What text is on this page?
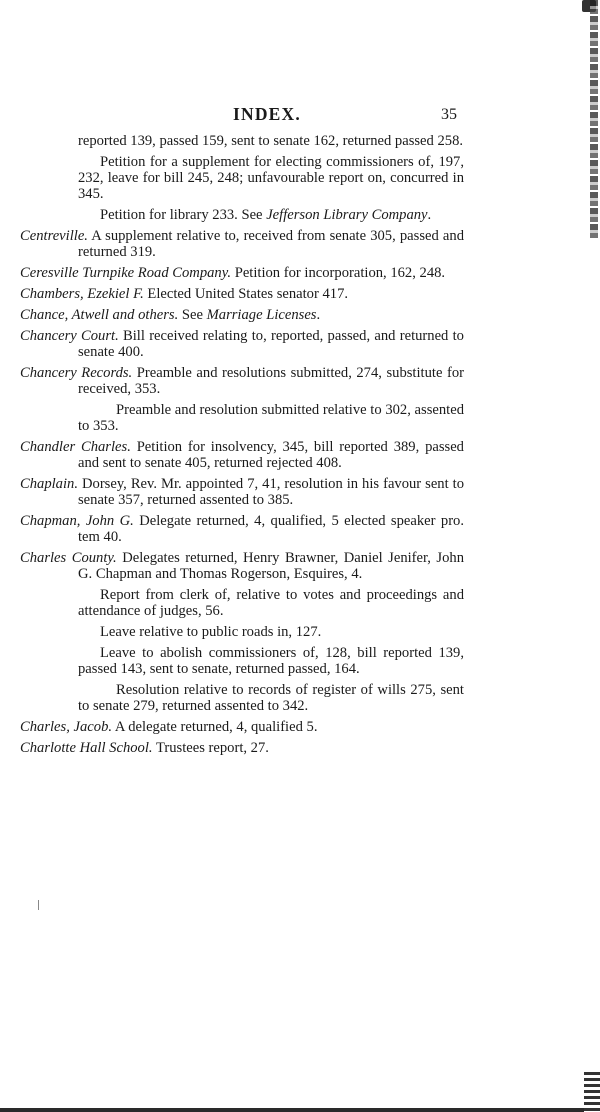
INDEX.	35

reported 139, passed 159, sent to senate 162, returned passed 258.

Petition for a supplement for electing commissioners of, 197, 232, leave for bill 245, 248; unfavourable report on, concurred in 345.

Petition for library 233. See Jefferson Library Company.

Centreville. A supplement relative to, received from senate 305, passed and returned 319.

Ceresville Turnpike Road Company. Petition for incorporation, 162, 248.

Chambers, Ezekiel F. Elected United States senator 417.

Chance, Atwell and others. See Marriage Licenses.

Chancery Court. Bill received relating to, reported, passed, and returned to senate 400.

Chancery Records. Preamble and resolutions submitted, 274, substitute for received, 353.

Preamble and resolution submitted relative to 302, assented to 353.

Chandler Charles. Petition for insolvency, 345, bill reported 389, passed and sent to senate 405, returned rejected 408.

Chaplain. Dorsey, Rev. Mr. appointed 7, 41, resolution in his favour sent to senate 357, returned assented to 385.

Chapman, John G. Delegate returned, 4, qualified, 5 elected speaker pro. tem 40.

Charles County. Delegates returned, Henry Brawner, Daniel Jenifer, John G. Chapman and Thomas Rogerson, Esquires, 4.

Report from clerk of, relative to votes and proceedings and attendance of judges, 56.

Leave relative to public roads in, 127.

Leave to abolish commissioners of, 128, bill reported 139, passed 143, sent to senate, returned passed, 164.

Resolution relative to records of register of wills 275, sent to senate 279, returned assented to 342.

Charles, Jacob. A delegate returned, 4, qualified 5.

Charlotte Hall School. Trustees report, 27.
